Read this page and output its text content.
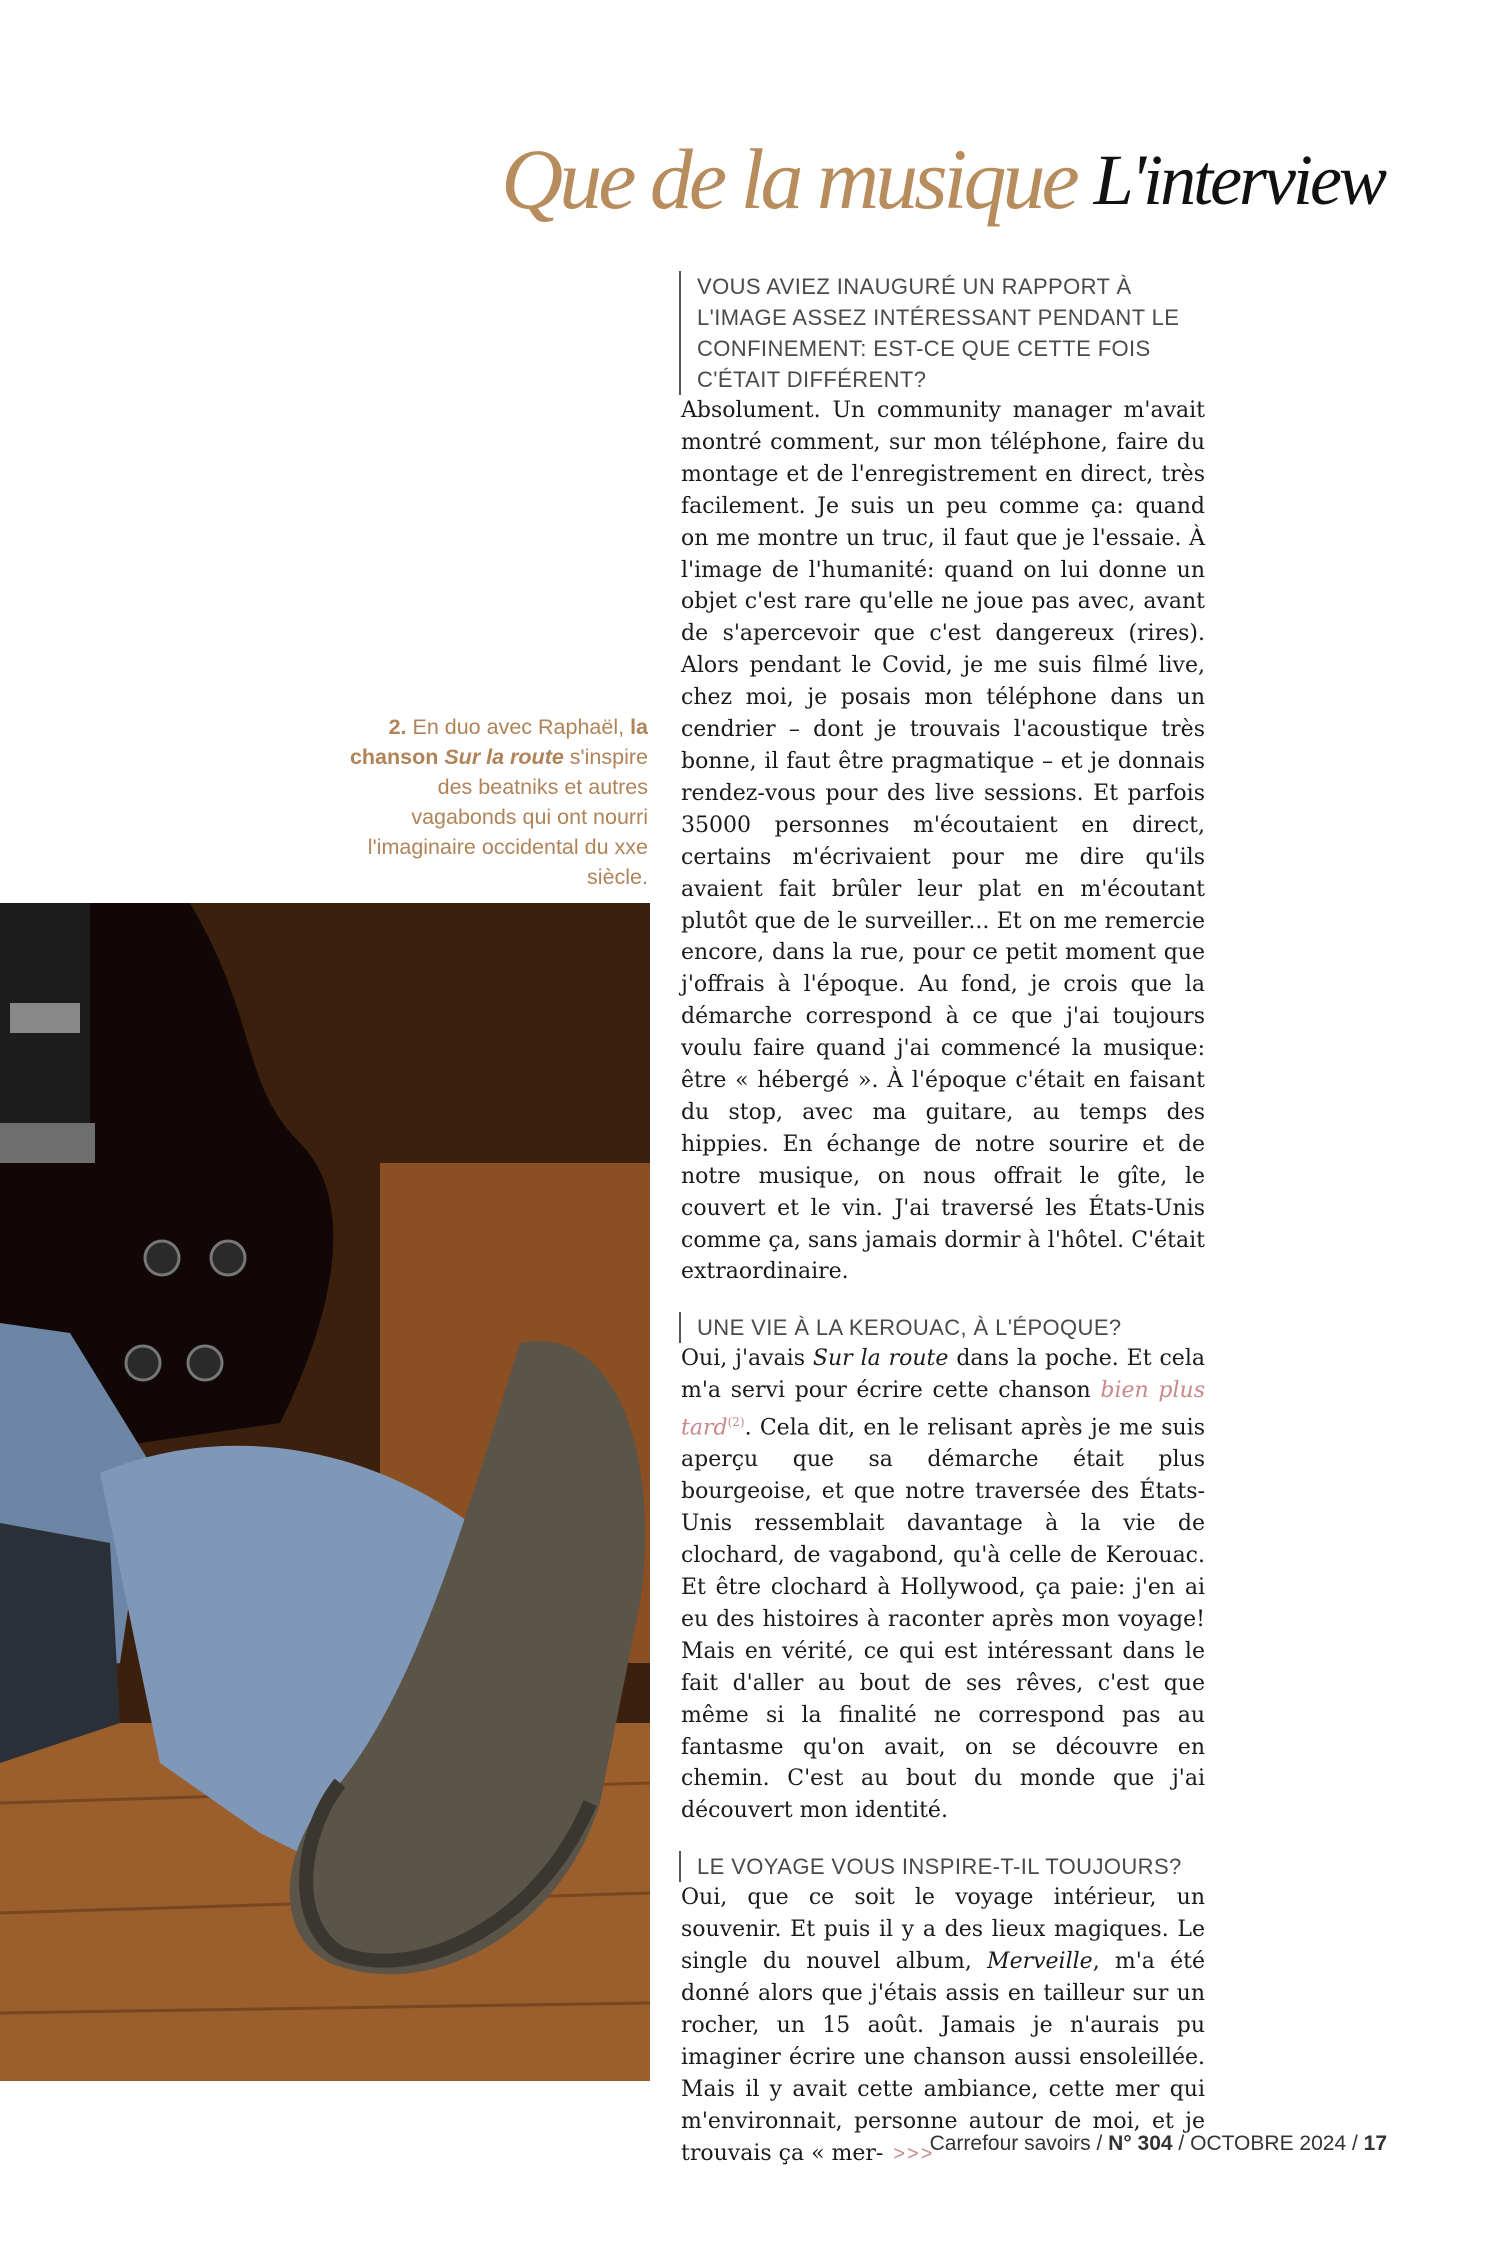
Que de la musique L'interview
2. En duo avec Raphaël, la chanson Sur la route s'inspire des beatniks et autres vagabonds qui ont nourri l'imaginaire occidental du xxe siècle.
VOUS AVIEZ INAUGURÉ UN RAPPORT À L'IMAGE ASSEZ INTÉRESSANT PENDANT LE CONFINEMENT: EST-CE QUE CETTE FOIS C'ÉTAIT DIFFÉRENT?

Absolument. Un community manager m'avait montré comment, sur mon téléphone, faire du montage et de l'enregistrement en direct, très facilement. Je suis un peu comme ça: quand on me montre un truc, il faut que je l'essaie. À l'image de l'humanité: quand on lui donne un objet c'est rare qu'elle ne joue pas avec, avant de s'apercevoir que c'est dangereux (rires). Alors pendant le Covid, je me suis filmé live, chez moi, je posais mon téléphone dans un cendrier – dont je trouvais l'acoustique très bonne, il faut être pragmatique – et je donnais rendez-vous pour des live sessions. Et parfois 35000 personnes m'écoutaient en direct, certains m'écrivaient pour me dire qu'ils avaient fait brûler leur plat en m'écoutant plutôt que de le surveiller... Et on me remercie encore, dans la rue, pour ce petit moment que j'offrais à l'époque. Au fond, je crois que la démarche correspond à ce que j'ai toujours voulu faire quand j'ai commencé la musique: être « hébergé ». À l'époque c'était en faisant du stop, avec ma guitare, au temps des hippies. En échange de notre sourire et de notre musique, on nous offrait le gîte, le couvert et le vin. J'ai traversé les États-Unis comme ça, sans jamais dormir à l'hôtel. C'était extraordinaire.

UNE VIE À LA KEROUAC, À L'ÉPOQUE?

Oui, j'avais Sur la route dans la poche. Et cela m'a servi pour écrire cette chanson bien plus tard$^{(2)}$. Cela dit, en le relisant après je me suis aperçu que sa démarche était plus bourgeoise, et que notre traversée des États-Unis ressemblait davantage à la vie de clochard, de vagabond, qu'à celle de Kerouac. Et être clochard à Hollywood, ça paie: j'en ai eu des histoires à raconter après mon voyage! Mais en vérité, ce qui est intéressant dans le fait d'aller au bout de ses rêves, c'est que même si la finalité ne correspond pas au fantasme qu'on avait, on se découvre en chemin. C'est au bout du monde que j'ai découvert mon identité.

LE VOYAGE VOUS INSPIRE-T-IL TOUJOURS?

Oui, que ce soit le voyage intérieur, un souvenir. Et puis il y a des lieux magiques. Le single du nouvel album, Merveille, m'a été donné alors que j'étais assis en tailleur sur un rocher, un 15 août. Jamais je n'aurais pu imaginer écrire une chanson aussi ensoleillée. Mais il y avait cette ambiance, cette mer qui m'environnait, personne autour de moi, et je trouvais ça « mer- >>>

Carrefour savoirs / N° 304 / OCTOBRE 2024 / 17
